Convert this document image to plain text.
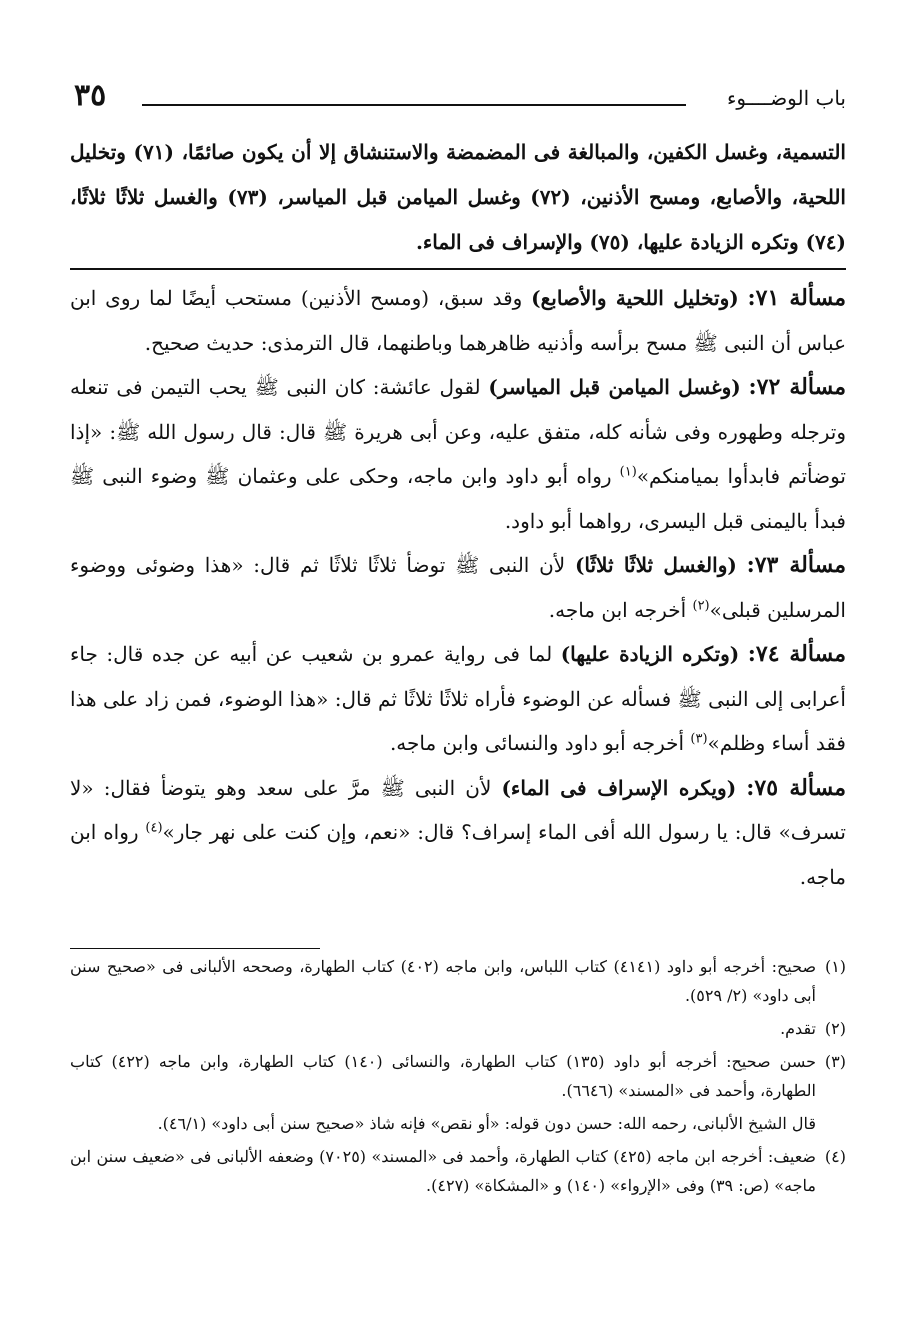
٣٥	باب الوضــــوء

التسمية، وغسل الكفين، والمبالغة فى المضمضة والاستنشاق إلا أن يكون صائمًا، (٧١) وتخليل اللحية، والأصابع، ومسح الأذنين، (٧٢) وغسل الميامن قبل المياسر، (٧٣) والغسل ثلاثًا ثلاثًا، (٧٤) وتكره الزيادة عليها، (٧٥) والإسراف فى الماء.

مسألة ٧١: (وتخليل اللحية والأصابع) وقد سبق، (ومسح الأذنين) مستحب أيضًا لما روى ابن عباس أن النبى ﷺ مسح برأسه وأذنيه ظاهرهما وباطنهما، قال الترمذى: حديث صحيح.

مسألة ٧٢: (وغسل الميامن قبل المياسر) لقول عائشة: كان النبى ﷺ يحب التيمن فى تنعله وترجله وطهوره وفى شأنه كله، متفق عليه، وعن أبى هريرة ﷺ قال: قال رسول الله ﷺ: «إذا توضأتم فابدأوا بميامنكم»$^{(١)}$ رواه أبو داود وابن ماجه، وحكى على وعثمان ﷺ وضوء النبى ﷺ فبدأ باليمنى قبل اليسرى، رواهما أبو داود.

مسألة ٧٣: (والغسل ثلاثًا ثلاثًا) لأن النبى ﷺ توضأ ثلاثًا ثلاثًا ثم قال: «هذا وضوئى ووضوء المرسلين قبلى»$^{(٢)}$ أخرجه ابن ماجه.

مسألة ٧٤: (وتكره الزيادة عليها) لما فى رواية عمرو بن شعيب عن أبيه عن جده قال: جاء أعرابى إلى النبى ﷺ فسأله عن الوضوء فأراه ثلاثًا ثلاثًا ثم قال: «هذا الوضوء، فمن زاد على هذا فقد أساء وظلم»$^{(٣)}$ أخرجه أبو داود والنسائى وابن ماجه.

مسألة ٧٥: (ويكره الإسراف فى الماء) لأن النبى ﷺ مرَّ على سعد وهو يتوضأ فقال: «لا تسرف» قال: يا رسول الله أفى الماء إسراف؟ قال: «نعم، وإن كنت على نهر جار»$^{(٤)}$ رواه ابن ماجه.

(١)صحيح: أخرجه أبو داود (٤١٤١) كتاب اللباس، وابن ماجه (٤٠٢) كتاب الطهارة، وصححه الألبانى فى «صحيح سنن أبى داود» (٢/ ٥٢٩).

(٢)تقدم.

(٣)حسن صحيح: أخرجه أبو داود (١٣٥) كتاب الطهارة، والنسائى (١٤٠) كتاب الطهارة، وابن ماجه (٤٢٢) كتاب الطهارة، وأحمد فى «المسند» (٦٦٤٦).

قال الشيخ الألبانى، رحمه الله: حسن دون قوله: «أو نقص» فإنه شاذ «صحيح سنن أبى داود» (٤٦/١).

(٤)ضعيف: أخرجه ابن ماجه (٤٢٥) كتاب الطهارة، وأحمد فى «المسند» (٧٠٢٥) وضعفه الألبانى فى «ضعيف سنن ابن ماجه» (ص: ٣٩) وفى «الإرواء» (١٤٠) و «المشكاة» (٤٢٧).
